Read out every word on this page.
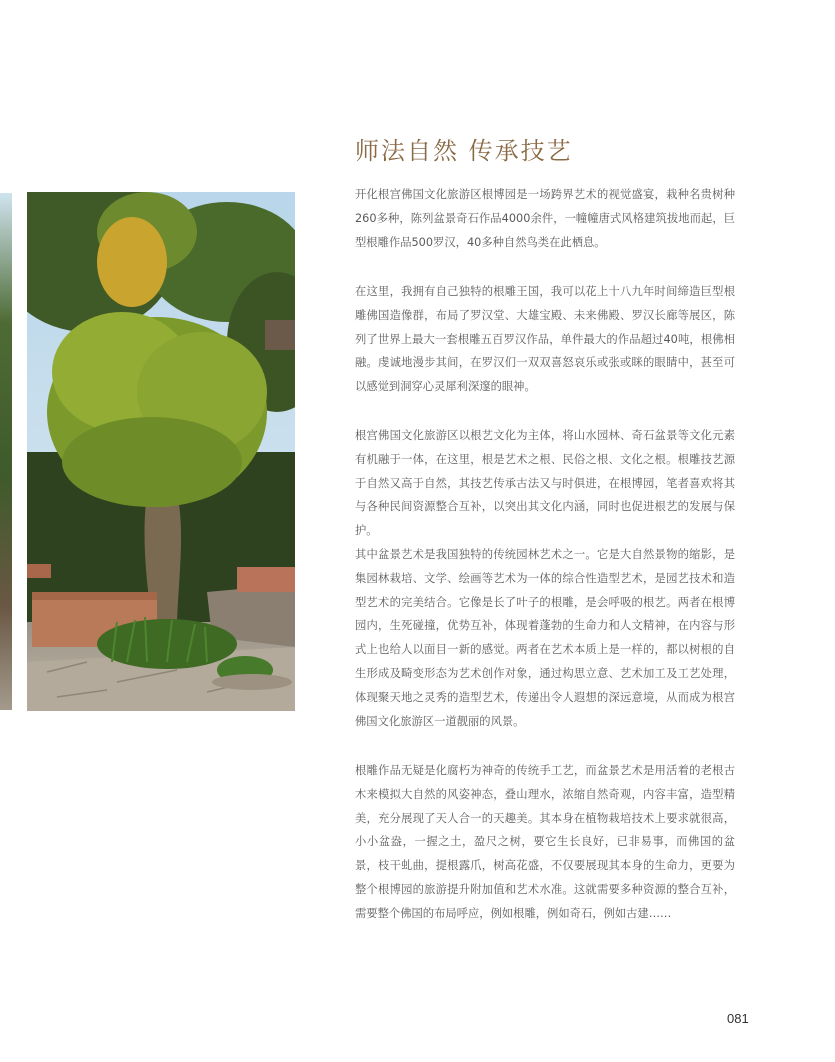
师法自然 传承技艺

开化根宫佛国文化旅游区根博园是一场跨界艺术的视觉盛宴，栽种名贵树种260多种，陈列盆景奇石作品4000余件，一幢幢唐式风格建筑拔地而起，巨型根雕作品500罗汉，40多种自然鸟类在此栖息。

在这里，我拥有自己独特的根雕王国，我可以花上十八九年时间缔造巨型根雕佛国造像群，布局了罗汉堂、大雄宝殿、未来佛殿、罗汉长廊等展区，陈列了世界上最大一套根雕五百罗汉作品，单件最大的作品超过40吨，根佛相融。虔诚地漫步其间，在罗汉们一双双喜怒哀乐或张或眯的眼睛中，甚至可以感觉到洞穿心灵犀利深邃的眼神。

根宫佛国文化旅游区以根艺文化为主体，将山水园林、奇石盆景等文化元素有机融于一体，在这里，根是艺术之根、民俗之根、文化之根。根雕技艺源于自然又高于自然，其技艺传承古法又与时俱进，在根博园，笔者喜欢将其与各种民间资源整合互补，以突出其文化内涵，同时也促进根艺的发展与保护。

其中盆景艺术是我国独特的传统园林艺术之一。它是大自然景物的缩影，是集园林栽培、文学、绘画等艺术为一体的综合性造型艺术，是园艺技术和造型艺术的完美结合。它像是长了叶子的根雕，是会呼吸的根艺。两者在根博园内，生死碰撞，优势互补，体现着蓬勃的生命力和人文精神，在内容与形式上也给人以面目一新的感觉。两者在艺术本质上是一样的，都以树根的自生形成及畸变形态为艺术创作对象，通过构思立意、艺术加工及工艺处理，体现聚天地之灵秀的造型艺术，传递出令人遐想的深远意境，从而成为根宫佛国文化旅游区一道靓丽的风景。

根雕作品无疑是化腐朽为神奇的传统手工艺，而盆景艺术是用活着的老根古木来模拟大自然的风姿神态，叠山理水，浓缩自然奇观，内容丰富，造型精美，充分展现了天人合一的天趣美。其本身在植物栽培技术上要求就很高，小小盆盎，一握之土，盈尺之树，要它生长良好，已非易事，而佛国的盆景，枝干虬曲，提根露爪，树高花盛，不仅要展现其本身的生命力，更要为整个根博园的旅游提升附加值和艺术水准。这就需要多种资源的整合互补，需要整个佛国的布局呼应，例如根雕，例如奇石，例如古建……

081
